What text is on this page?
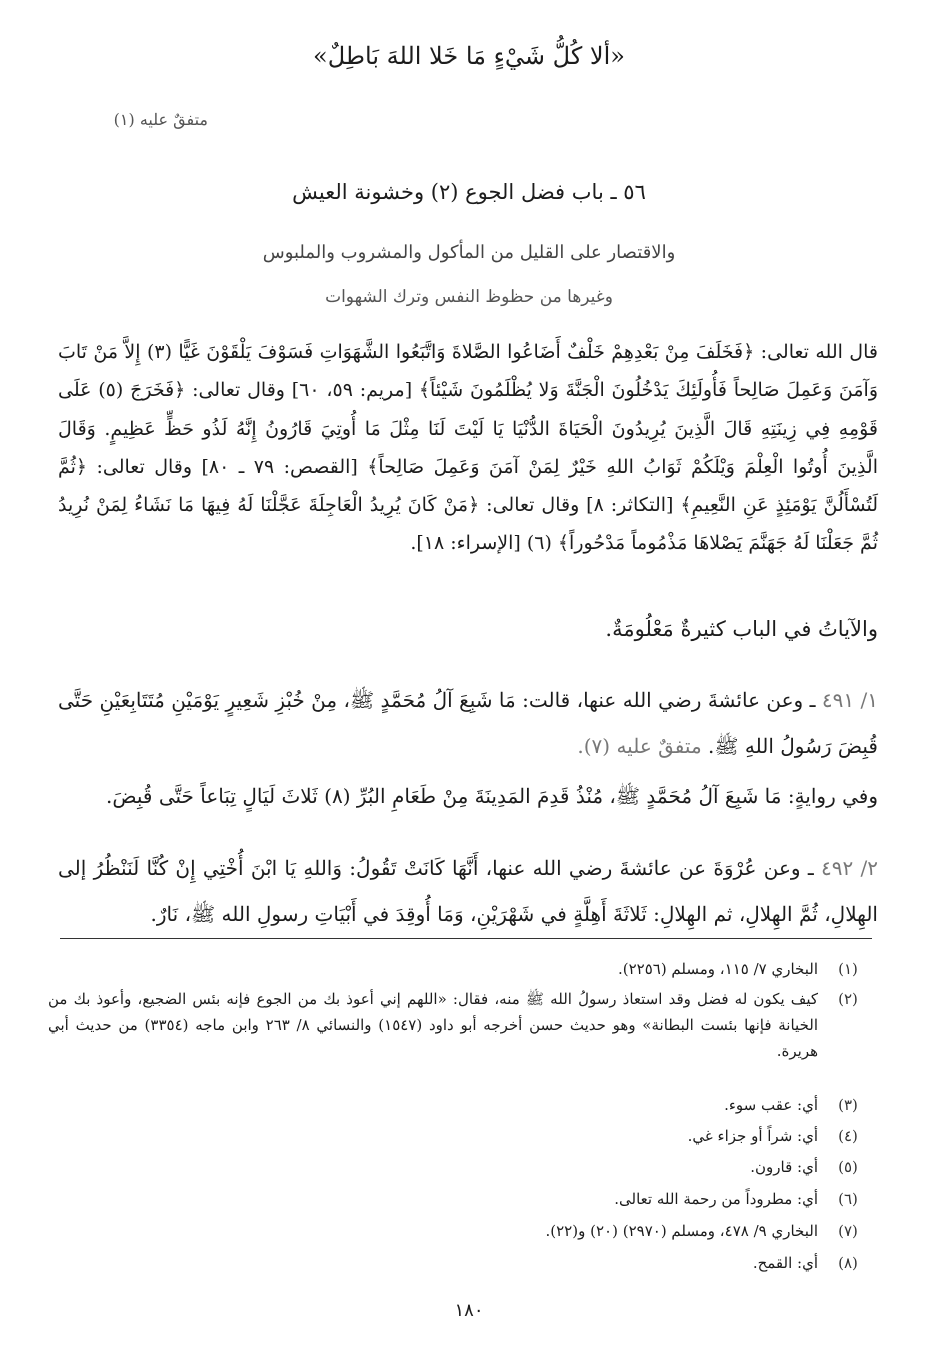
«ألا كُلُّ شَيْءٍ مَا خَلا اللهَ بَاطِلٌ»
متفقٌ عليه (١)
٥٦ ـ باب فضل الجوع (٢) وخشونة العيش
والاقتصار على القليل من المأكول والمشروب والملبوس
وغيرها من حظوظ النفس وترك الشهوات
قال الله تعالى: ﴿فَخَلَفَ مِنْ بَعْدِهِمْ خَلْفٌ أَضَاعُوا الصَّلاةَ وَاتَّبَعُوا الشَّهَوَاتِ فَسَوْفَ يَلْقَوْنَ غَيًّا (٣) إِلاَّ مَنْ تَابَ وَآمَنَ وَعَمِلَ صَالِحاً فَأُولَئِكَ يَدْخُلُونَ الْجَنَّةَ وَلا يُظْلَمُونَ شَيْئاً﴾ [مريم: ٥٩، ٦٠] وقال تعالى: ﴿فَخَرَجَ (٥) عَلَى قَوْمِهِ فِي زِينَتِهِ قَالَ الَّذِينَ يُرِيدُونَ الْحَيَاةَ الدُّنْيَا يَا لَيْتَ لَنَا مِثْلَ مَا أُوتِيَ قَارُونُ إِنَّهُ لَذُو حَظٍّ عَظِيمٍ. وَقَالَ الَّذِينَ أُوتُوا الْعِلْمَ وَيْلَكُمْ ثَوَابُ اللهِ خَيْرٌ لِمَنْ آمَنَ وَعَمِلَ صَالِحاً﴾ [القصص: ٧٩ ـ ٨٠] وقال تعالى: ﴿ثُمَّ لَتُسْأَلُنَّ يَوْمَئِذٍ عَنِ النَّعِيمِ﴾ [التكاثر: ٨] وقال تعالى: ﴿مَنْ كَانَ يُرِيدُ الْعَاجِلَةَ عَجَّلْنَا لَهُ فِيهَا مَا نَشَاءُ لِمَنْ نُرِيدُ ثُمَّ جَعَلْنَا لَهُ جَهَنَّمَ يَصْلاهَا مَذْمُوماً مَدْحُوراً﴾ (٦) [الإسراء: ١٨].
والآياتُ في الباب كثيرةٌ مَعْلُومَةٌ.
١/ ٤٩١ ـ وعن عائشةَ رضي الله عنها، قالت: مَا شَبِعَ آلُ مُحَمَّدٍ ﷺ، مِنْ خُبْزِ شَعِيرٍ يَوْمَيْنِ مُتَتَابِعَيْنِ حَتَّى قُبِضَ رَسُولُ اللهِ ﷺ. متفقٌ عليه (٧).
وفي روايةٍ: مَا شَبِعَ آلُ مُحَمَّدٍ ﷺ، مُنْذُ قَدِمَ المَدِينَةَ مِنْ طَعَامِ البُرِّ (٨) ثَلاثَ لَيَالٍ تِبَاعاً حَتَّى قُبِضَ.
٢/ ٤٩٢ ـ وعن عُرْوَةَ عن عائشةَ رضي الله عنها، أَنَّهَا كَانَتْ تَقُولُ: وَاللهِ يَا ابْنَ أُخْتِي إِنْ كُنَّا لَنَنْظُرُ إلى الهِلالِ، ثُمَّ الهِلالِ، ثم الهِلالِ: ثَلاثَةَ أَهِلَّةٍ في شَهْرَيْنِ، وَمَا أُوقِدَ في أَبْيَاتِ رسولِ الله ﷺ، نَارٌ.
(١)
البخاري ٧/ ١١٥، ومسلم (٢٢٥٦).
(٢)
كيف يكون له فضل وقد استعاذ رسولُ الله ﷺ منه، فقال: «اللهم إني أعوذ بك من الجوع فإنه بئس الضجيع، وأعوذ بك من الخيانة فإنها بئست البطانة» وهو حديث حسن أخرجه أبو داود (١٥٤٧) والنسائي ٨/ ٢٦٣ وابن ماجه (٣٣٥٤) من حديث أبي هريرة.
(٣)
أي: عقب سوء.
(٤)
أي: شراً أو جزاء غي.
(٥)
أي: قارون.
(٦)
أي: مطروداً من رحمة الله تعالى.
(٧)
البخاري ٩/ ٤٧٨، ومسلم (٢٩٧٠) (٢٠) و(٢٢).
(٨)
أي: القمح.
١٨٠
